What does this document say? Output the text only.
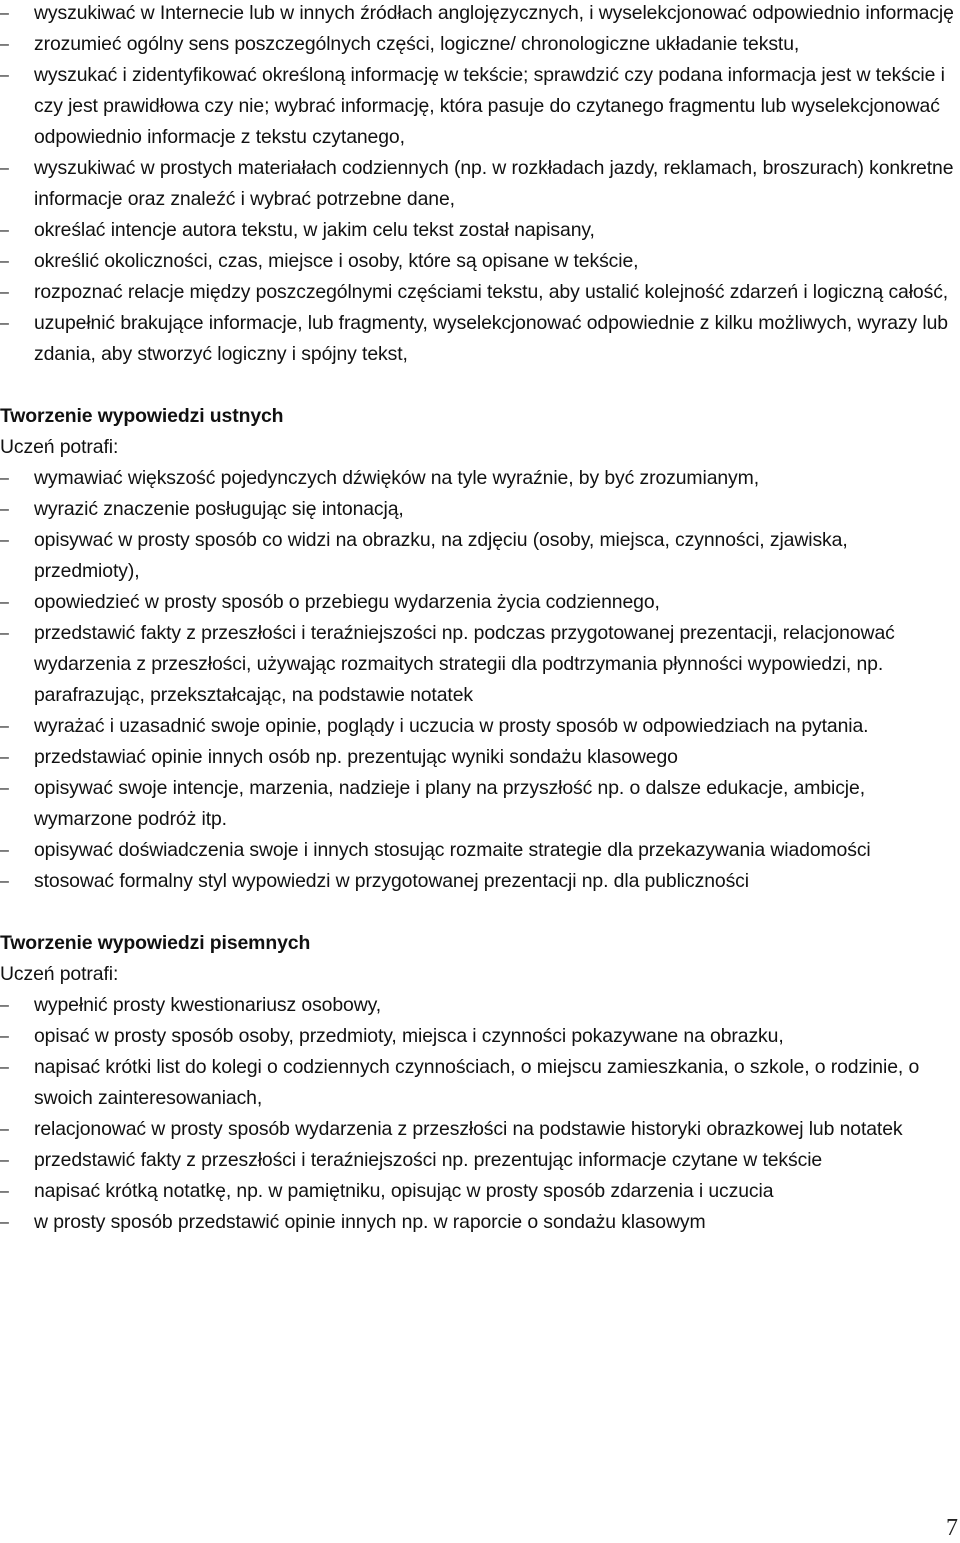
–	wyszukiwać w Internecie lub w innych źródłach anglojęzycznych, i wyselekcjonować odpowiednio informację
–	zrozumieć ogólny sens poszczególnych części, logiczne/ chronologiczne układanie tekstu,
–	wyszukać i zidentyfikować określoną informację w tekście; sprawdzić czy podana informacja jest w tekście i czy jest prawidłowa czy nie; wybrać informację, która pasuje do czytanego fragmentu lub wyselekcjonować odpowiednio informacje z tekstu czytanego,
–	wyszukiwać w prostych materiałach codziennych (np. w rozkładach jazdy, reklamach, broszurach) konkretne informacje oraz znaleźć i wybrać potrzebne dane,
–	określać intencje autora tekstu, w jakim celu tekst został napisany,
–	określić okoliczności, czas, miejsce i osoby, które są opisane w tekście,
–	rozpoznać relacje między poszczególnymi częściami tekstu, aby ustalić kolejność zdarzeń i logiczną całość,
–	uzupełnić brakujące informacje, lub fragmenty, wyselekcjonować odpowiednie z kilku możliwych, wyrazy lub zdania, aby stworzyć logiczny i spójny tekst,
Tworzenie wypowiedzi ustnych
Uczeń potrafi:
–	wymawiać większość pojedynczych dźwięków na tyle wyraźnie, by być zrozumianym,
–	wyrazić znaczenie posługując się intonacją,
–	opisywać w prosty sposób co widzi na obrazku, na zdjęciu (osoby, miejsca, czynności, zjawiska, przedmioty),
–	opowiedzieć w prosty sposób o przebiegu wydarzenia życia codziennego,
–	przedstawić fakty z przeszłości i teraźniejszości np. podczas przygotowanej prezentacji, relacjonować wydarzenia z przeszłości, używając rozmaitych strategii dla podtrzymania płynności wypowiedzi, np. parafrazując, przekształcając, na podstawie notatek
–	wyrażać i uzasadnić swoje opinie, poglądy i uczucia w prosty sposób w odpowiedziach na pytania.
–	przedstawiać opinie innych osób np. prezentując wyniki sondażu klasowego
–	opisywać swoje intencje, marzenia, nadzieje i plany na przyszłość np. o dalsze edukacje, ambicje, wymarzone podróż itp.
–	opisywać doświadczenia swoje i innych stosując rozmaite strategie dla przekazywania wiadomości
–	stosować formalny styl wypowiedzi w przygotowanej prezentacji np. dla publiczności
Tworzenie wypowiedzi pisemnych
Uczeń potrafi:
–	wypełnić prosty kwestionariusz osobowy,
–	opisać w prosty sposób osoby, przedmioty, miejsca i czynności pokazywane na obrazku,
–	napisać krótki list do kolegi o codziennych czynnościach, o miejscu zamieszkania, o szkole, o rodzinie, o swoich zainteresowaniach,
–	relacjonować w prosty sposób wydarzenia z przeszłości na podstawie historyki obrazkowej lub notatek
–	przedstawić fakty z przeszłości i teraźniejszości np. prezentując informacje czytane w tekście
–	napisać krótką notatkę, np. w pamiętniku, opisując w prosty sposób zdarzenia i uczucia
–	w prosty sposób przedstawić opinie innych np. w raporcie o sondażu klasowym
7
